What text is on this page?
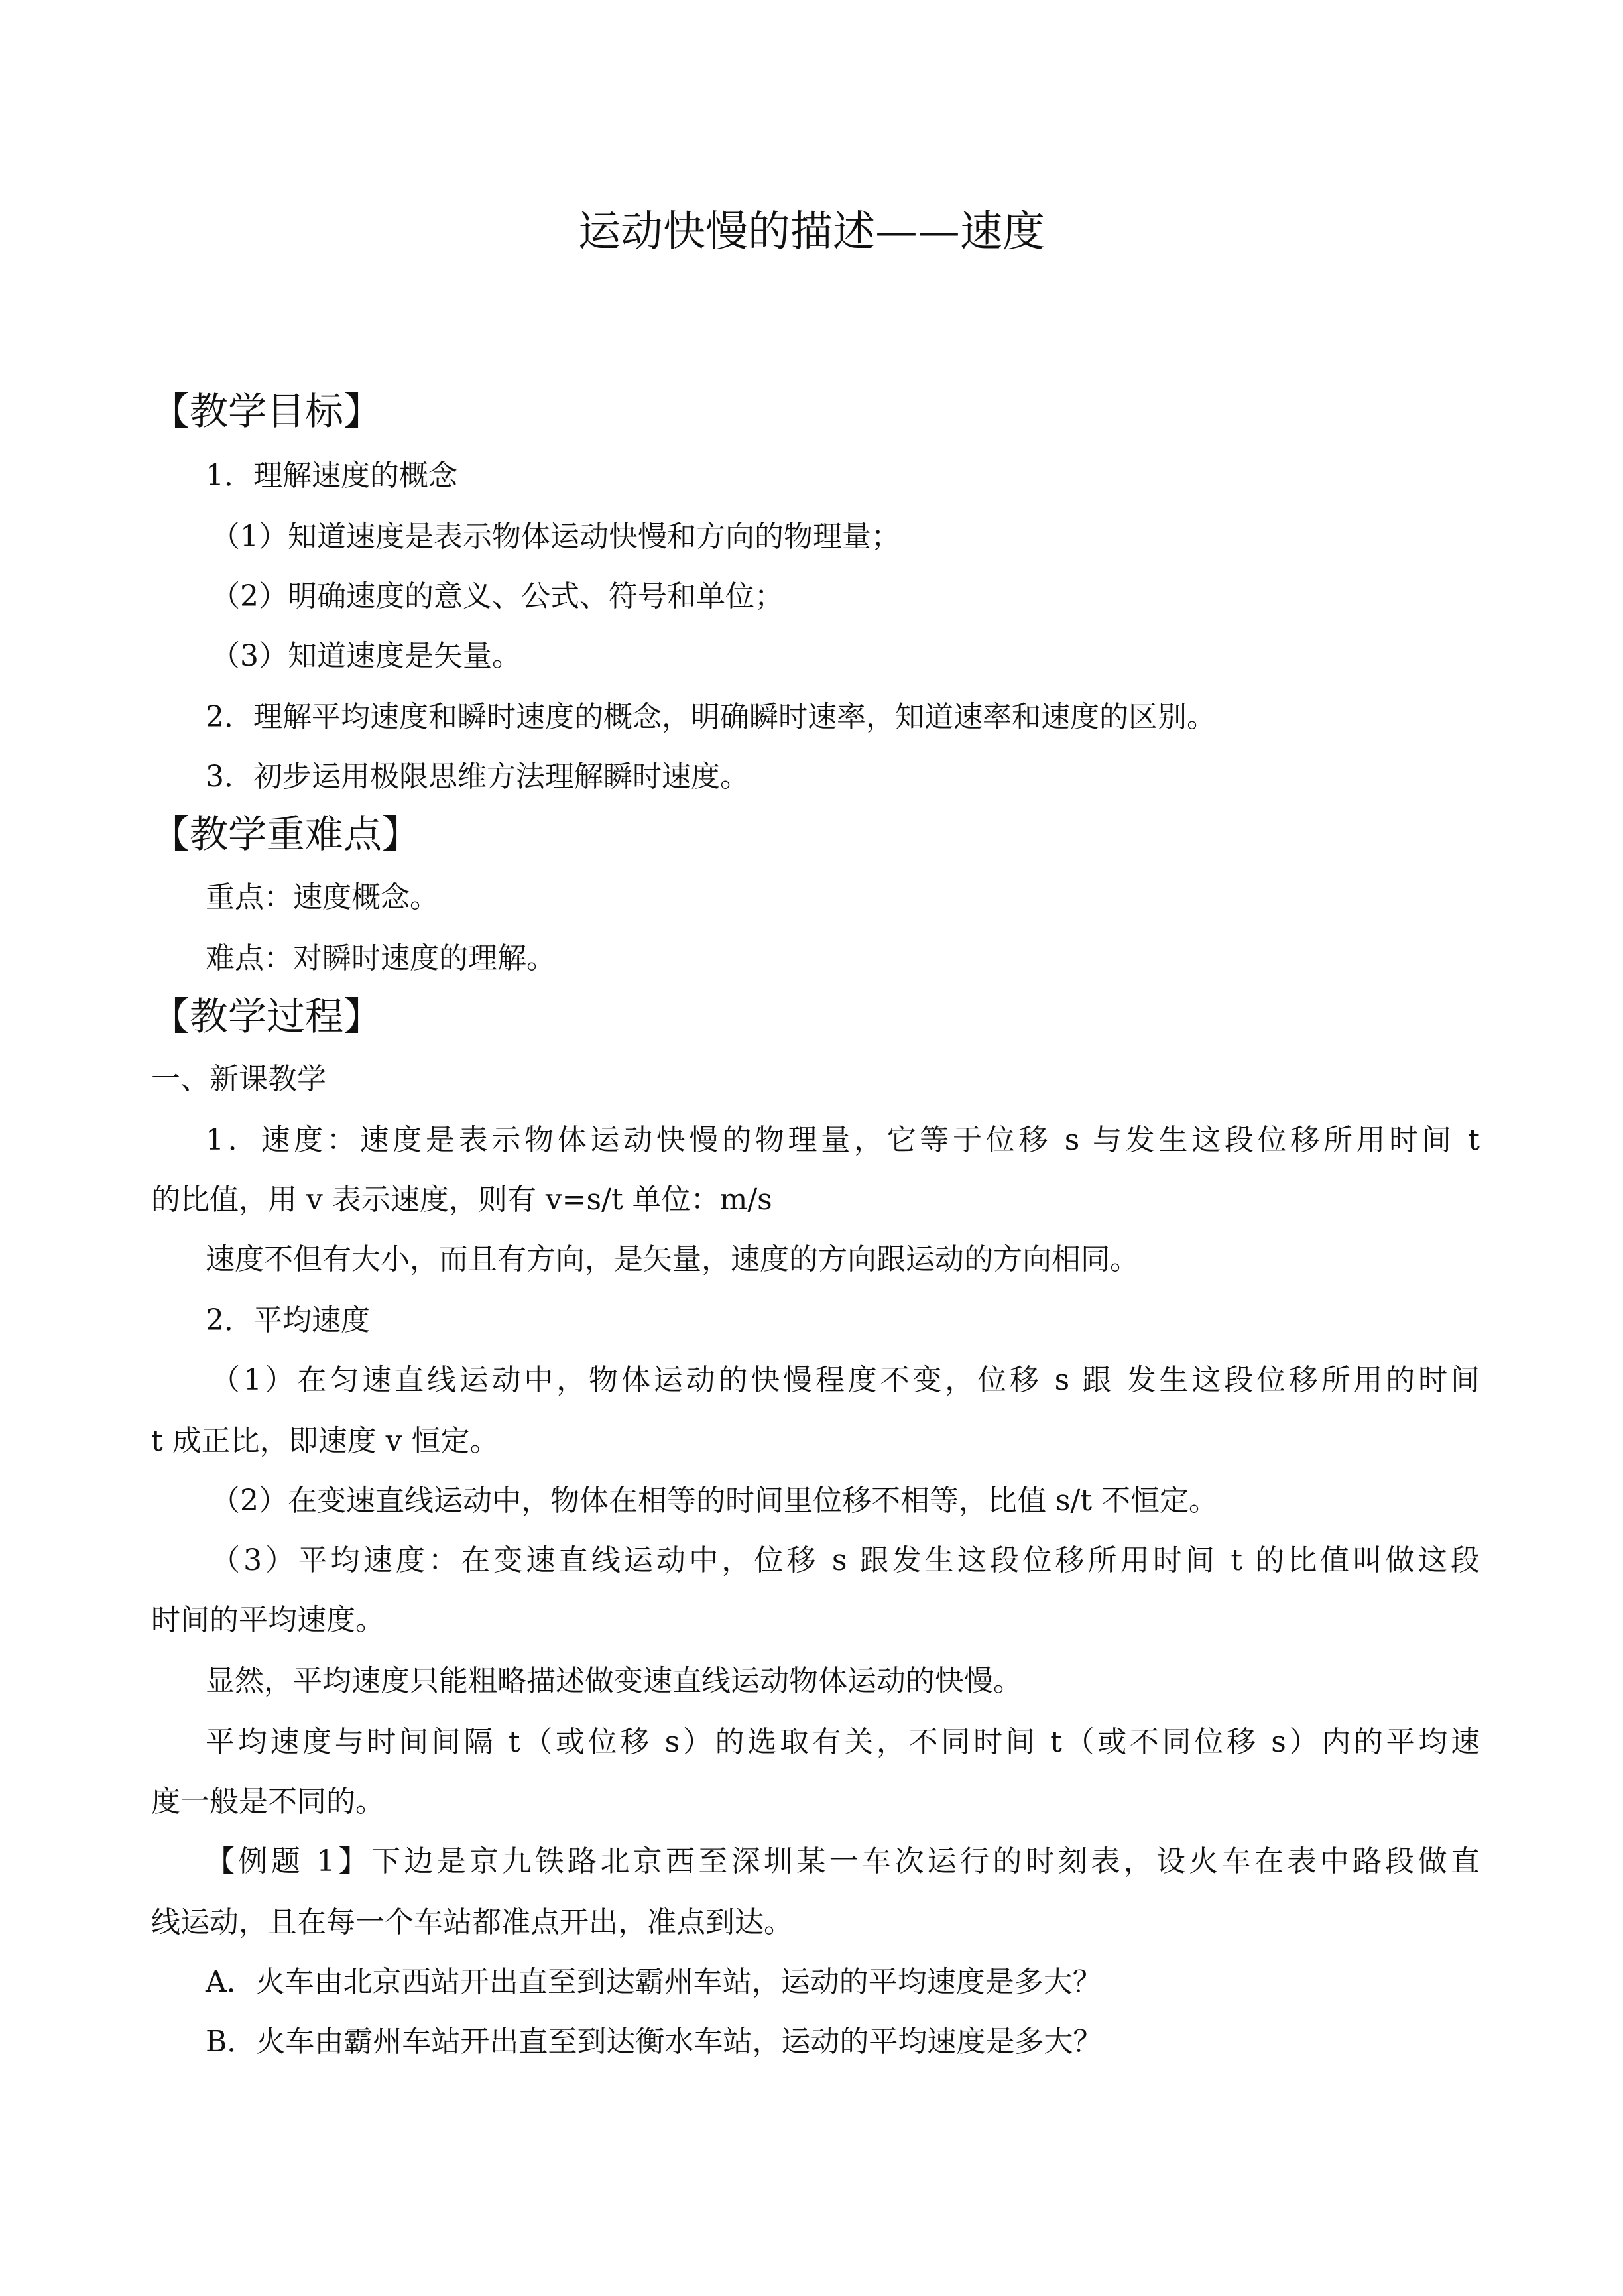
运动快慢的描述——速度
【教学目标】
1．理解速度的概念
（1）知道速度是表示物体运动快慢和方向的物理量；
（2）明确速度的意义、公式、符号和单位；
（3）知道速度是矢量。
2．理解平均速度和瞬时速度的概念，明确瞬时速率，知道速率和速度的区别。
3．初步运用极限思维方法理解瞬时速度。
【教学重难点】
重点：速度概念。
难点：对瞬时速度的理解。
【教学过程】
一、新课教学
1．速度：速度是表示物体运动快慢的物理量，它等于位移 s 与发生这段位移所用时间 t
的比值，用 v 表示速度，则有 v=s/t 单位：m/s
速度不但有大小，而且有方向，是矢量，速度的方向跟运动的方向相同。
2．平均速度
（1）在匀速直线运动中，物体运动的快慢程度不变，位移 s 跟 发生这段位移所用的时间
t 成正比，即速度 v 恒定。
（2）在变速直线运动中，物体在相等的时间里位移不相等，比值 s/t 不恒定。
（3）平均速度：在变速直线运动中，位移 s 跟发生这段位移所用时间 t 的比值叫做这段
时间的平均速度。
显然，平均速度只能粗略描述做变速直线运动物体运动的快慢。
平均速度与时间间隔 t（或位移 s）的选取有关，不同时间 t（或不同位移 s）内的平均速
度一般是不同的。
【例题 1】下边是京九铁路北京西至深圳某一车次运行的时刻表，设火车在表中路段做直
线运动，且在每一个车站都准点开出，准点到达。
A．火车由北京西站开出直至到达霸州车站，运动的平均速度是多大？
B．火车由霸州车站开出直至到达衡水车站，运动的平均速度是多大？
